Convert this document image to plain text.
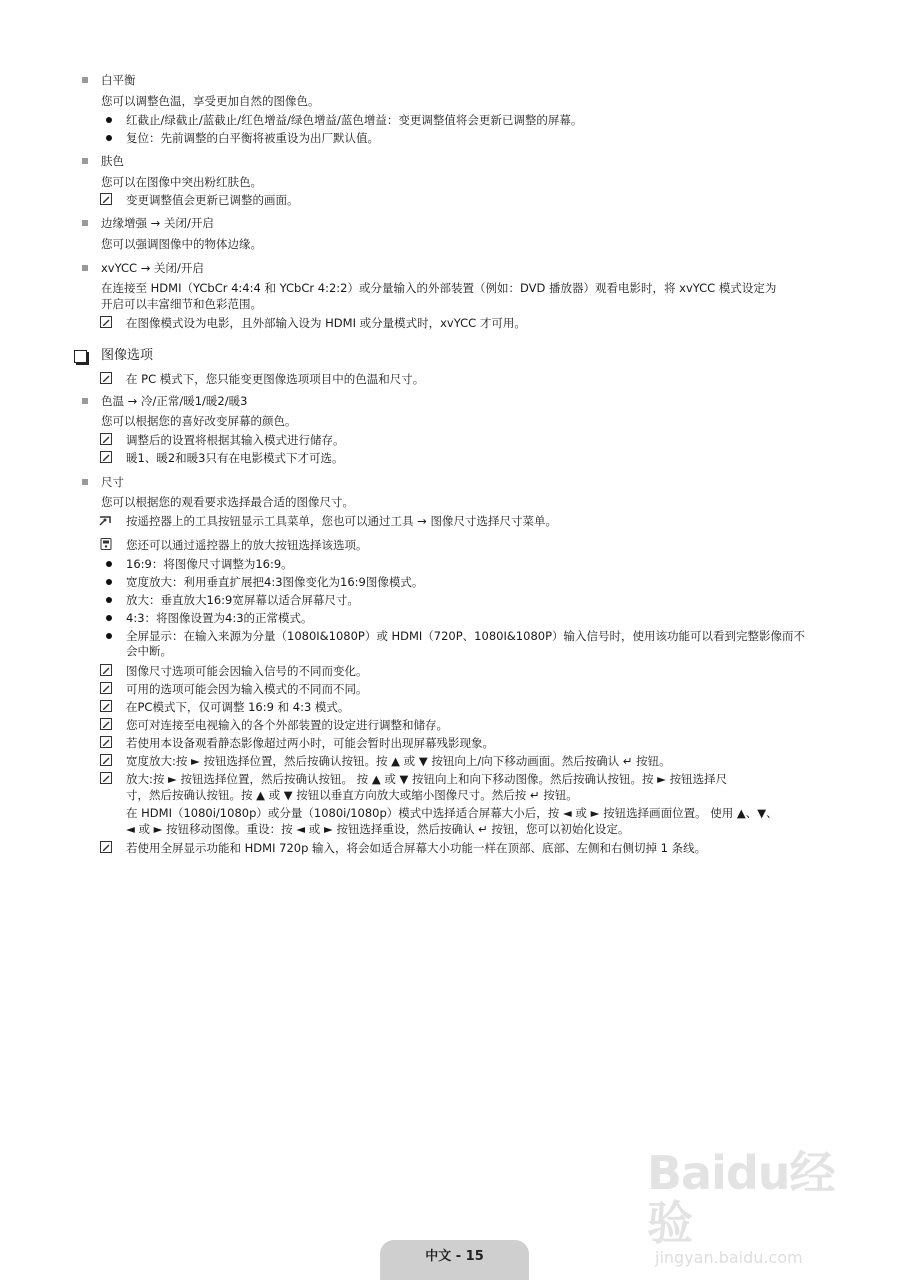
白平衡
您可以调整色温，享受更加自然的图像色。
红截止/绿截止/蓝截止/红色增益/绿色增益/蓝色增益：变更调整值将会更新已调整的屏幕。
复位：先前调整的白平衡将被重设为出厂默认值。
肤色
您可以在图像中突出粉红肤色。
变更调整值会更新已调整的画面。
边缘增强 → 关闭/开启
您可以强调图像中的物体边缘。
xvYCC → 关闭/开启
在连接至 HDMI（YCbCr 4:4:4 和 YCbCr 4:2:2）或分量输入的外部装置（例如：DVD 播放器）观看电影时，将 xvYCC 模式设定为
开启可以丰富细节和色彩范围。
在图像模式设为电影，且外部输入设为 HDMI 或分量模式时，xvYCC 才可用。
图像选项
在 PC 模式下，您只能变更图像选项项目中的色温和尺寸。
色温 → 冷/正常/暖1/暖2/暖3
您可以根据您的喜好改变屏幕的颜色。
调整后的设置将根据其输入模式进行储存。
暖1、暖2和暖3只有在电影模式下才可选。
尺寸
您可以根据您的观看要求选择最合适的图像尺寸。
按遥控器上的工具按钮显示工具菜单，您也可以通过工具 → 图像尺寸选择尺寸菜单。
您还可以通过遥控器上的放大按钮选择该选项。
16:9：将图像尺寸调整为16:9。
宽度放大：利用垂直扩展把4:3图像变化为16:9图像模式。
放大：垂直放大16:9宽屏幕以适合屏幕尺寸。
4:3：将图像设置为4:3的正常模式。
全屏显示：在输入来源为分量（1080I&1080P）或 HDMI（720P、1080I&1080P）输入信号时，使用该功能可以看到完整影像而不
会中断。
图像尺寸选项可能会因输入信号的不同而变化。
可用的选项可能会因为输入模式的不同而不同。
在PC模式下，仅可调整 16:9 和 4:3 模式。
您可对连接至电视输入的各个外部装置的设定进行调整和储存。
若使用本设备观看静态影像超过两小时，可能会暂时出现屏幕残影现象。
宽度放大:按 ► 按钮选择位置，然后按确认按钮。按 ▲ 或 ▼ 按钮向上/向下移动画面。然后按确认 ↵ 按钮。
放大:按 ► 按钮选择位置，然后按确认按钮。 按 ▲ 或 ▼ 按钮向上和向下移动图像。然后按确认按钮。按 ► 按钮选择尺
寸，然后按确认按钮。按 ▲ 或 ▼ 按钮以垂直方向放大或缩小图像尺寸。然后按 ↵ 按钮。
在 HDMI（1080i/1080p）或分量（1080i/1080p）模式中选择适合屏幕大小后，按 ◄ 或 ► 按钮选择画面位置。 使用 ▲、▼、
◄ 或 ► 按钮移动图像。重设：按 ◄ 或 ► 按钮选择重设，然后按确认 ↵ 按钮，您可以初始化设定。
若使用全屏显示功能和 HDMI 720p 输入，将会如适合屏幕大小功能一样在顶部、底部、左侧和右侧切掉 1 条线。
Baidu经验
jingyan.baidu.com
中文 - 15
